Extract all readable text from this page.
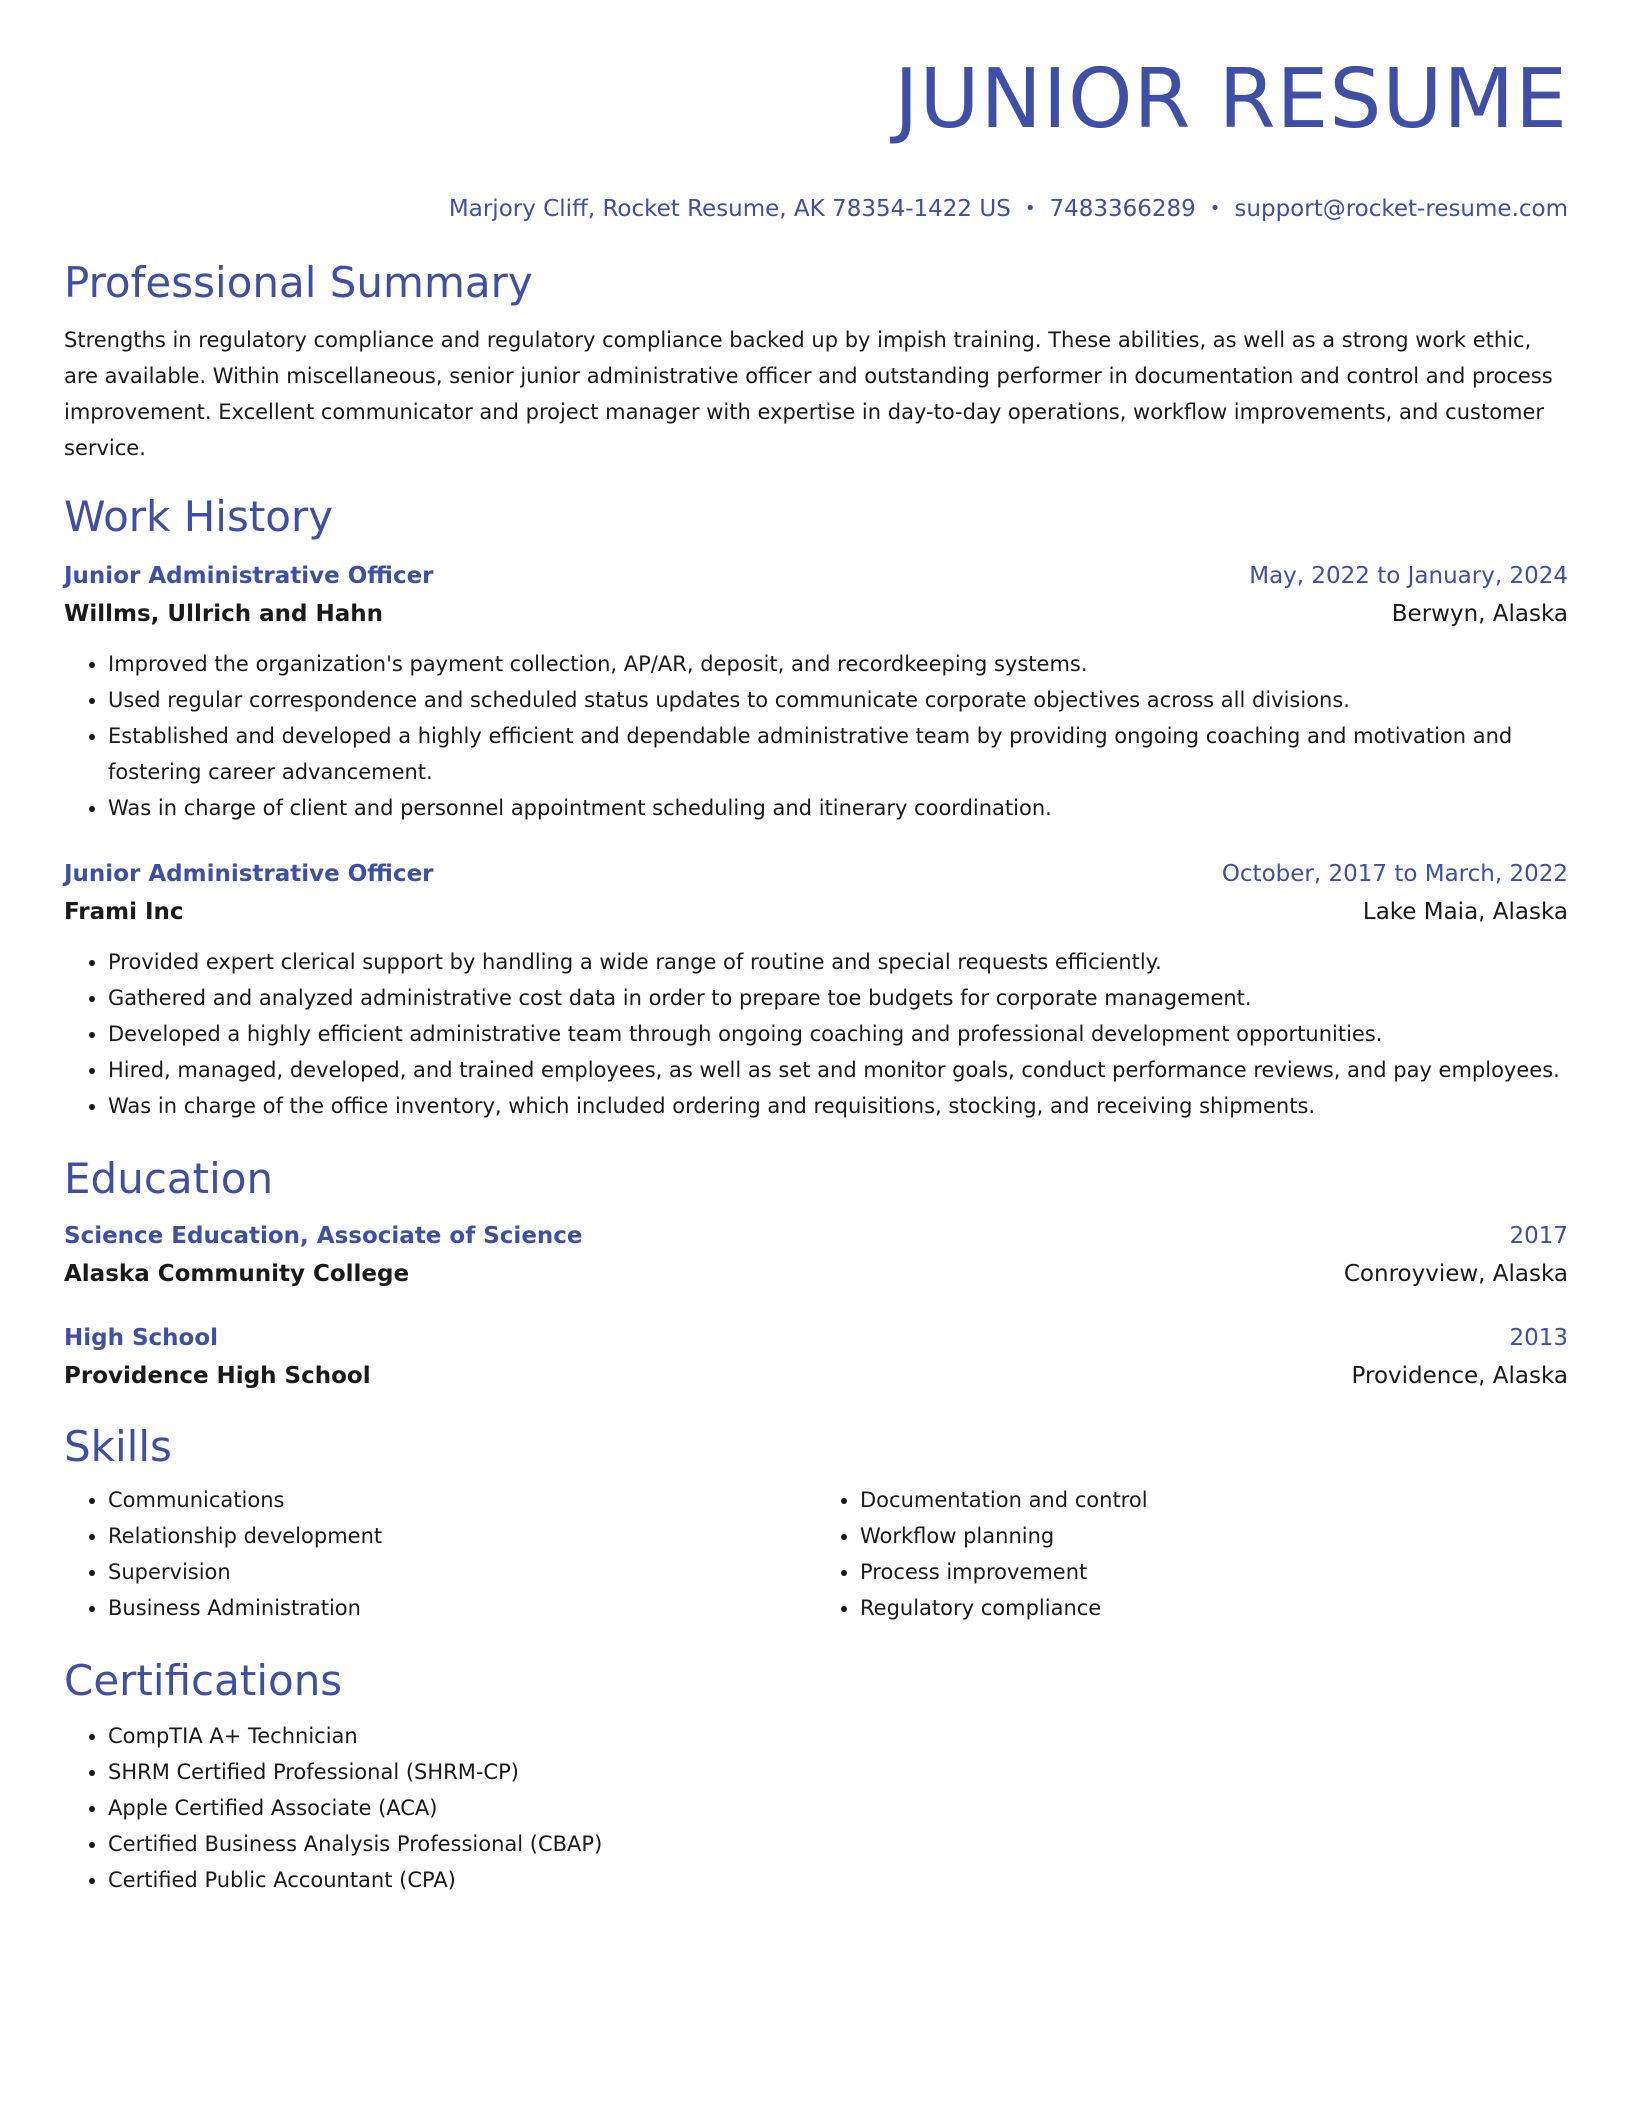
JUNIOR RESUME
Marjory Cliff, Rocket Resume, AK 78354-1422 US • 7483366289 • support@rocket-resume.com
Professional Summary
Strengths in regulatory compliance and regulatory compliance backed up by impish training. These abilities, as well as a strong work ethic, are available. Within miscellaneous, senior junior administrative officer and outstanding performer in documentation and control and process improvement. Excellent communicator and project manager with expertise in day-to-day operations, workflow improvements, and customer service.
Work History
Junior Administrative Officer	May, 2022 to January, 2024
Willms, Ullrich and Hahn	Berwyn, Alaska
• Improved the organization's payment collection, AP/AR, deposit, and recordkeeping systems.
• Used regular correspondence and scheduled status updates to communicate corporate objectives across all divisions.
• Established and developed a highly efficient and dependable administrative team by providing ongoing coaching and motivation and fostering career advancement.
• Was in charge of client and personnel appointment scheduling and itinerary coordination.
Junior Administrative Officer	October, 2017 to March, 2022
Frami Inc	Lake Maia, Alaska
• Provided expert clerical support by handling a wide range of routine and special requests efficiently.
• Gathered and analyzed administrative cost data in order to prepare toe budgets for corporate management.
• Developed a highly efficient administrative team through ongoing coaching and professional development opportunities.
• Hired, managed, developed, and trained employees, as well as set and monitor goals, conduct performance reviews, and pay employees.
• Was in charge of the office inventory, which included ordering and requisitions, stocking, and receiving shipments.
Education
Science Education, Associate of Science	2017
Alaska Community College	Conroyview, Alaska
High School	2013
Providence High School	Providence, Alaska
Skills
• Communications
• Relationship development
• Supervision
• Business Administration
• Documentation and control
• Workflow planning
• Process improvement
• Regulatory compliance
Certifications
• CompTIA A+ Technician
• SHRM Certified Professional (SHRM-CP)
• Apple Certified Associate (ACA)
• Certified Business Analysis Professional (CBAP)
• Certified Public Accountant (CPA)
